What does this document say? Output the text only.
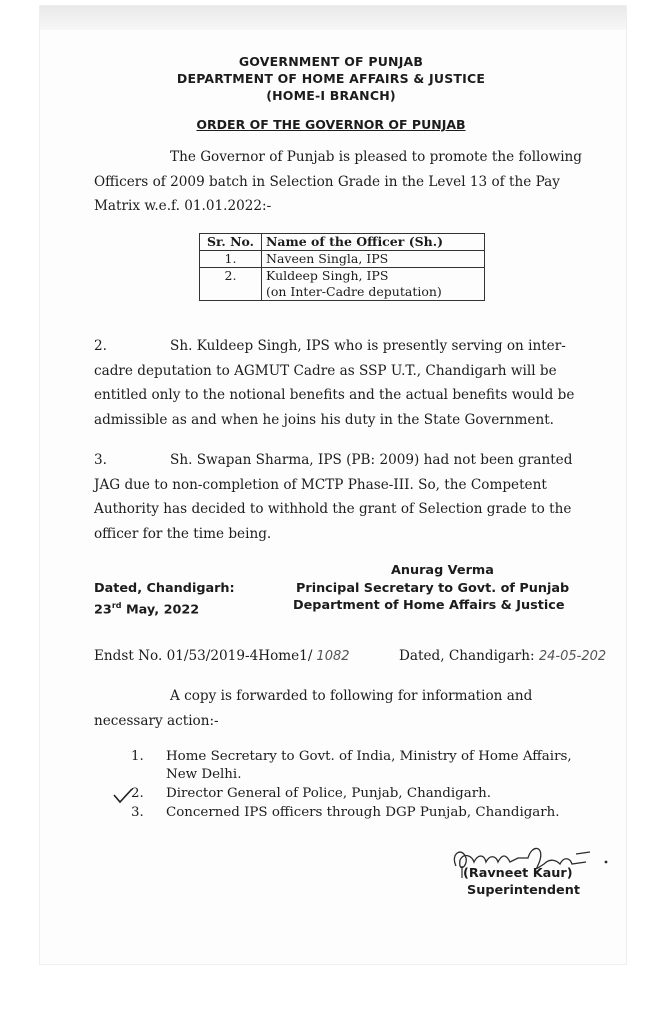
GOVERNMENT OF PUNJAB
DEPARTMENT OF HOME AFFAIRS & JUSTICE
(HOME-I BRANCH)
ORDER OF THE GOVERNOR OF PUNJAB
The Governor of Punjab is pleased to promote the following
Officers of 2009 batch in Selection Grade in the Level 13 of the Pay
Matrix w.e.f. 01.01.2022:-
Sr. No.	Name of the Officer (Sh.)
1.	Naveen Singla, IPS
2.	Kuldeep Singh, IPS
(on Inter-Cadre deputation)
2.	Sh. Kuldeep Singh, IPS who is presently serving on inter-
cadre deputation to AGMUT Cadre as SSP U.T., Chandigarh will be
entitled only to the notional benefits and the actual benefits would be
admissible as and when he joins his duty in the State Government.
3.	Sh. Swapan Sharma, IPS (PB: 2009) had not been granted
JAG due to non-completion of MCTP Phase-III. So, the Competent
Authority has decided to withhold the grant of Selection grade to the
officer for the time being.
Anurag Verma
Principal Secretary to Govt. of Punjab
Department of Home Affairs & Justice
Dated, Chandigarh:
23rd May, 2022
Endst No. 01/53/2019-4Home1/ 1082	Dated, Chandigarh: 24-05-202
A copy is forwarded to following for information and
necessary action:-
1. Home Secretary to Govt. of India, Ministry of Home Affairs,
New Delhi.
2. Director General of Police, Punjab, Chandigarh.
3. Concerned IPS officers through DGP Punjab, Chandigarh.
(Ravneet Kaur)
Superintendent
